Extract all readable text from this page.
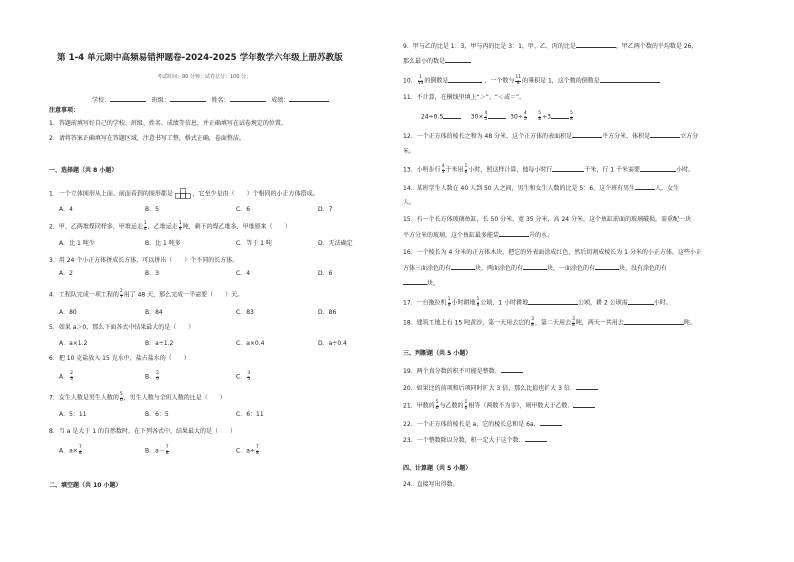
第 1-4 单元期中高频易错押题卷-2024-2025 学年数学六年级上册苏教版
考试时间：90 分钟；试卷总分：100 分；
学校：	班级：	姓名：	成绩：
注意事项：
1．答题前填写好自己的学校、班级、姓名、成绩等信息，并正确填写在试卷规定的位置。
2．请将答案正确填写在答题区域，注意书写工整，格式正确，卷面整洁。
一、选择题（共 8 小题）
1．一个立体图形从上面、前面看到的图形都是	，它至少是由（　　）个相同的小正方体搭成。
A．4	B．5	C．6	D．7
2．甲、乙两堆煤同样多，甲堆运走 $\frac{1}{4}$ ，乙堆运走 $\frac{1}{4}$ 吨，剩下的煤乙堆多，甲堆原来（　　）
A．比 1 吨少	B．比 1 吨多	C．等于 1 吨	D．无法确定
3．用 24 个小正方体拼成长方体，可以拼出（　　）个不同的长方体。
A．2	B．3	C．4	D．6
4．工程队完成一项工程的 $\frac{2}{7}$ 用了 48 天，那么完成一半需要（　　）天。
A．80	B．84	C．83	D．86
5．如果 a＞0，那么下面各式中结果最大的是（　　）
A．a×1.2	B．a÷1.2	C．a×0.4	D．a÷0.4
6．把 10 克盐放入 15 克水中，盐占盐水的（　　）
A． $\frac{2}{3}$	B． $\frac{2}{5}$	C． $\frac{3}{5}$
7．女生人数是男生人数的 $\frac{5}{6}$ ，男生人数与全班人数的比是（　　）
A．5：11	B．6：5	C．6：11
8．当 a 是大于 1 的自然数时，在下列各式中，结果最大的是（　　）
A．$a\times \frac{7}{8}$	B．$a- \frac{7}{8}$	C．$a\div \frac{7}{8}$
二、填空题（共 10 小题）
9．甲与乙的比是 1：3，甲与丙的比是 3：1，甲、乙、丙的比是	，甲乙两个数的平均数是 26，
那么最小的数是
10． $\frac{1}{13}$ 的倒数是	，一个数与 $\frac{11}{8}$ 的乘积是 1，这个数的倒数是
11．不计算，在横线里填上“＞”、“＜或＝”。
24÷0.5	$30\times \frac{4}{5}$	$30\div \frac{4}{5}$
	$\frac{5}{8} \div 3$	$\frac{5}{8}$
12．一个正方体的棱长之和为 48 分米，这个正方体的表面积是	平方分米，体积是	立方分
米。
13．小明步行 $\frac{4}{3}$ 千米用 $\frac{1}{6}$ 小时，照这样计算，他每小时行	千米，行 1 千米需要	小时。
14．某班学生人数在 40 人到 50 人之间，男生和女生人数的比是 5：6，这个班有男生	人，女生
人。
15．有一个长方体玻璃鱼缸，长 50 分米，宽 35 分米，高 24 分米，这个鱼缸前面的玻璃破损，需重配一块
平方分米的玻璃，这个鱼缸最多能装	升的水。
16．一个棱长为 4 分米的正方体木块，把它的外表面涂成红色，然后切割成棱长为 1 分米的小正方体。这些小正
方体三面涂色的有	块，两面涂色的有	块，一面涂色的有	块，没有涂色的有
块。
17．一台拖拉机 $\frac{1}{6}$ 小时耕地 $\frac{1}{6}$ 公顷，1 小时耕地	公顷，耕 2 公顷需	小时。
18．建筑工地上有 15 吨黄沙，第一天用去它的 $\frac{3}{8}$ ，第二天用去 $\frac{3}{8}$ 吨，两天一共用去	吨。
三、判断题（共 5 小题）
19．两个真分数的积不可能是整数．
20．如果比的前项和后项同时扩大 3 倍，那么比值也扩大 3 倍．
21．甲数的 $\frac{5}{6}$ 与乙数的 $\frac{1}{6}$ 相等（两数不为零），则甲数大于乙数．
22．一个正方体的棱长是 a，它的棱长总和是 6a．
23．一个整数除以分数，积一定大于这个数．
四、计算题（共 5 小题）
24．直接写出得数。
